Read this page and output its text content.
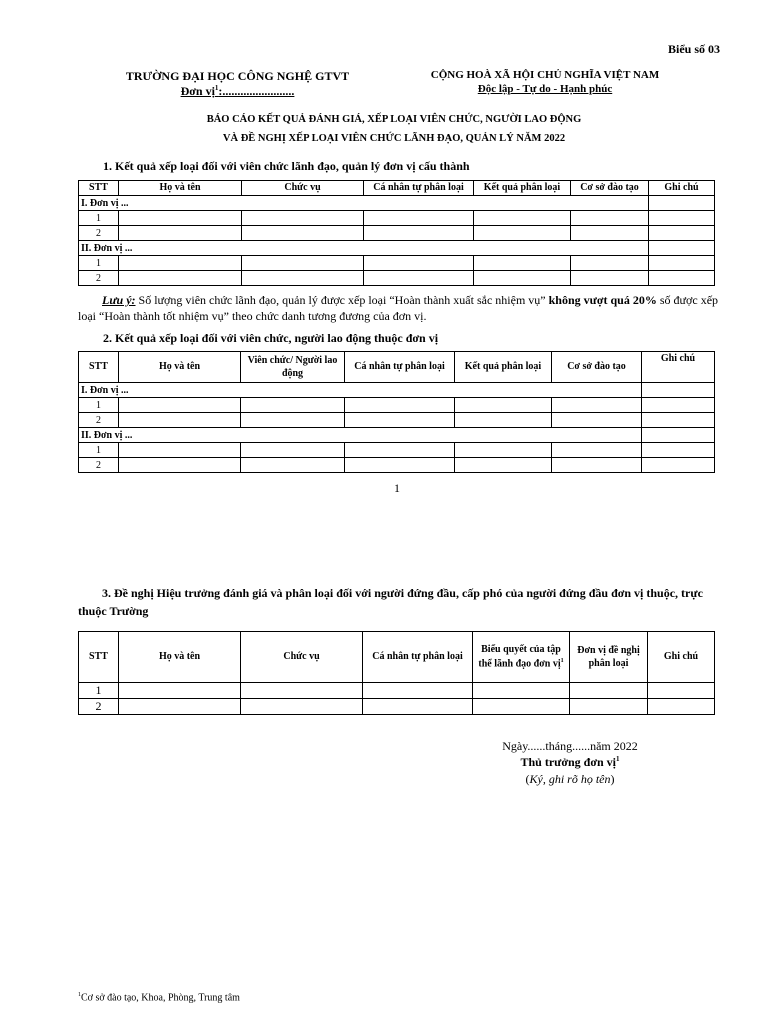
Biểu số 03
TRƯỜNG ĐẠI HỌC CÔNG NGHỆ GTVT
Đơn vị$^1$:........................
CỘNG HOÀ XÃ HỘI CHỦ NGHĨA VIỆT NAM
Độc lập - Tự do - Hạnh phúc
BÁO CÁO KẾT QUẢ ĐÁNH GIÁ, XẾP LOẠI VIÊN CHỨC, NGƯỜI LAO ĐỘNG
VÀ ĐỀ NGHỊ XẾP LOẠI VIÊN CHỨC LÃNH ĐẠO, QUẢN LÝ NĂM 2022
1. Kết quả xếp loại đối với viên chức lãnh đạo, quản lý đơn vị cấu thành
STT	Họ và tên	Chức vụ	Cá nhân tự phân loại	Kết quả phân loại	Cơ sở đào tạo	Ghi chú
I. Đơn vị ...						
1						
2						
II. Đơn vị ...						
1						
2						
Lưu ý: Số lượng viên chức lãnh đạo, quản lý được xếp loại “Hoàn thành xuất sắc nhiệm vụ” không vượt quá 20% số được xếp loại “Hoàn thành tốt nhiệm vụ” theo chức danh tương đương của đơn vị.
2. Kết quả xếp loại đối với viên chức, người lao động thuộc đơn vị
STT	Họ và tên	Viên chức/ Người lao động	Cá nhân tự phân loại	Kết quả phân loại	Cơ sở đào tạo	Ghi chú
I. Đơn vị ...						
1						
2						
II. Đơn vị ...						
1						
2						
1
3. Đề nghị Hiệu trưởng đánh giá và phân loại đối với người đứng đầu, cấp phó của người đứng đầu đơn vị thuộc, trực thuộc Trường
STT	Họ và tên	Chức vụ	Cá nhân tự phân loại	Biểu quyết của tập thể lãnh đạo đơn vị$^1$	Đơn vị đề nghị phân loại	Ghi chú
1						
2						
Ngày......tháng......năm 2022
Thủ trưởng đơn vị$^1$
(Ký, ghi rõ họ tên)
$^1$Cơ sở đào tạo, Khoa, Phòng, Trung tâm
